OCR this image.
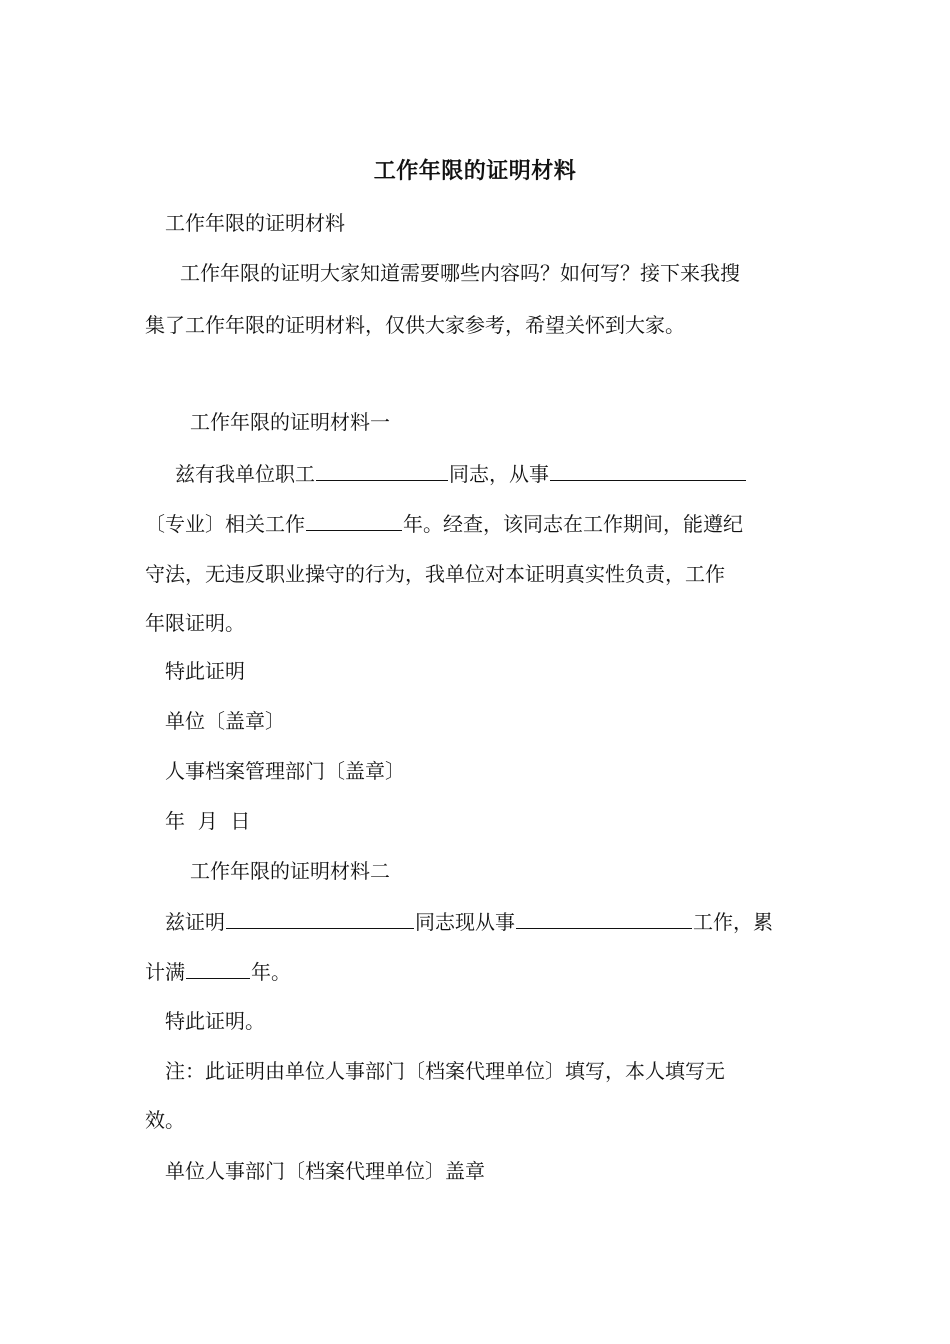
工作年限的证明材料
工作年限的证明材料
工作年限的证明大家知道需要哪些内容吗？如何写？接下来我搜
集了工作年限的证明材料，仅供大家参考，希望关怀到大家。
工作年限的证明材料一
兹有我单位职工	同志，从事
〔专业〕相关工作	年。经查，该同志在工作期间，能遵纪
守法，无违反职业操守的行为，我单位对本证明真实性负责，工作
年限证明。
特此证明
单位〔盖章〕
人事档案管理部门〔盖章〕
年  月  日
工作年限的证明材料二
兹证明	同志现从事	工作，累
计满	年。
特此证明。
注：此证明由单位人事部门〔档案代理单位〕填写，本人填写无
效。
单位人事部门〔档案代理单位〕盖章
